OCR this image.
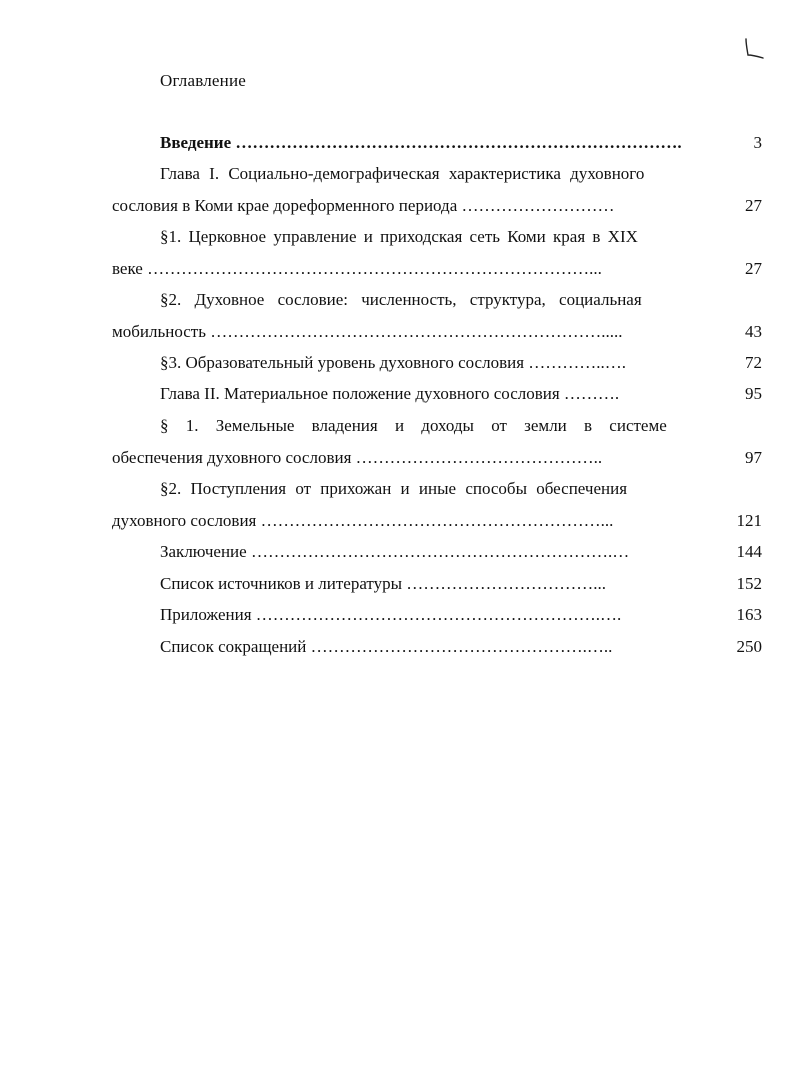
Оглавление
Введение …………………………………………………………………….	3
Глава I. Социально-демографическая характеристика духовного
сословия в Коми крае дореформенного периода ………………………	27
§1. Церковное управление и приходская сеть Коми края в XIX
веке ……………………………………………………………………...	27
§2. Духовное сословие: численность, структура, социальная
мобильность …………………………………………………………….....	43
§3. Образовательный уровень духовного сословия …………..….	72
Глава II. Материальное положение духовного сословия ……….	95
§ 1. Земельные владения и доходы от земли в системе
обеспечения духовного сословия ……………………………………..	97
§2. Поступления от прихожан и иные способы обеспечения
духовного сословия ……………………………………………………...	121
Заключение ……………………………………………………….…	144
Список источников и литературы ……………………………...	152
Приложения …………………………………………………….….	163
Список сокращений ………………………………………….…..	250
